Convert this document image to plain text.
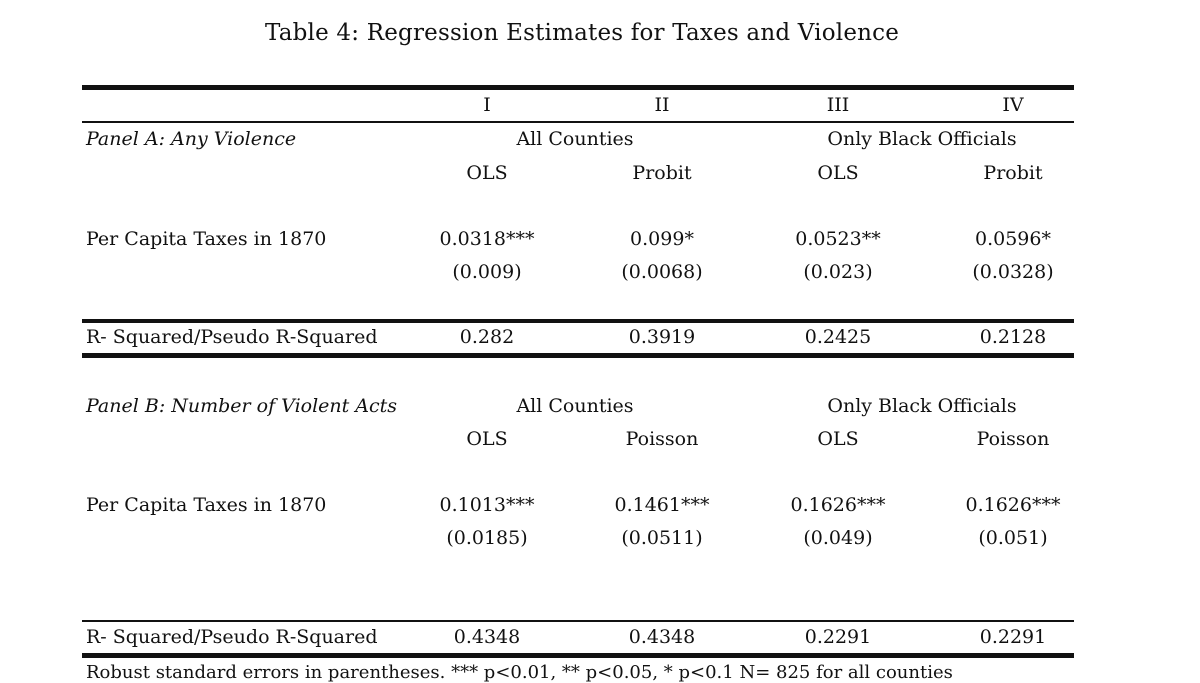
Table 4: Regression Estimates for Taxes and Violence
I	II	III	IV
Panel A: Any Violence	All Counties	Only Black Officials
OLS	Probit	OLS	Probit
Per Capita Taxes in 1870	0.0318***	0.099*	0.0523**	0.0596*
(0.009)	(0.0068)	(0.023)	(0.0328)
R- Squared/Pseudo R-Squared	0.282	0.3919	0.2425	0.2128
Panel B: Number of Violent Acts	All Counties	Only Black Officials
OLS	Poisson	OLS	Poisson
Per Capita Taxes in 1870	0.1013***	0.1461***	0.1626***	0.1626***
(0.0185)	(0.0511)	(0.049)	(0.051)
R- Squared/Pseudo R-Squared	0.4348	0.4348	0.2291	0.2291
Robust standard errors in parentheses. *** p<0.01, ** p<0.05, * p<0.1 N= 825 for all counties
